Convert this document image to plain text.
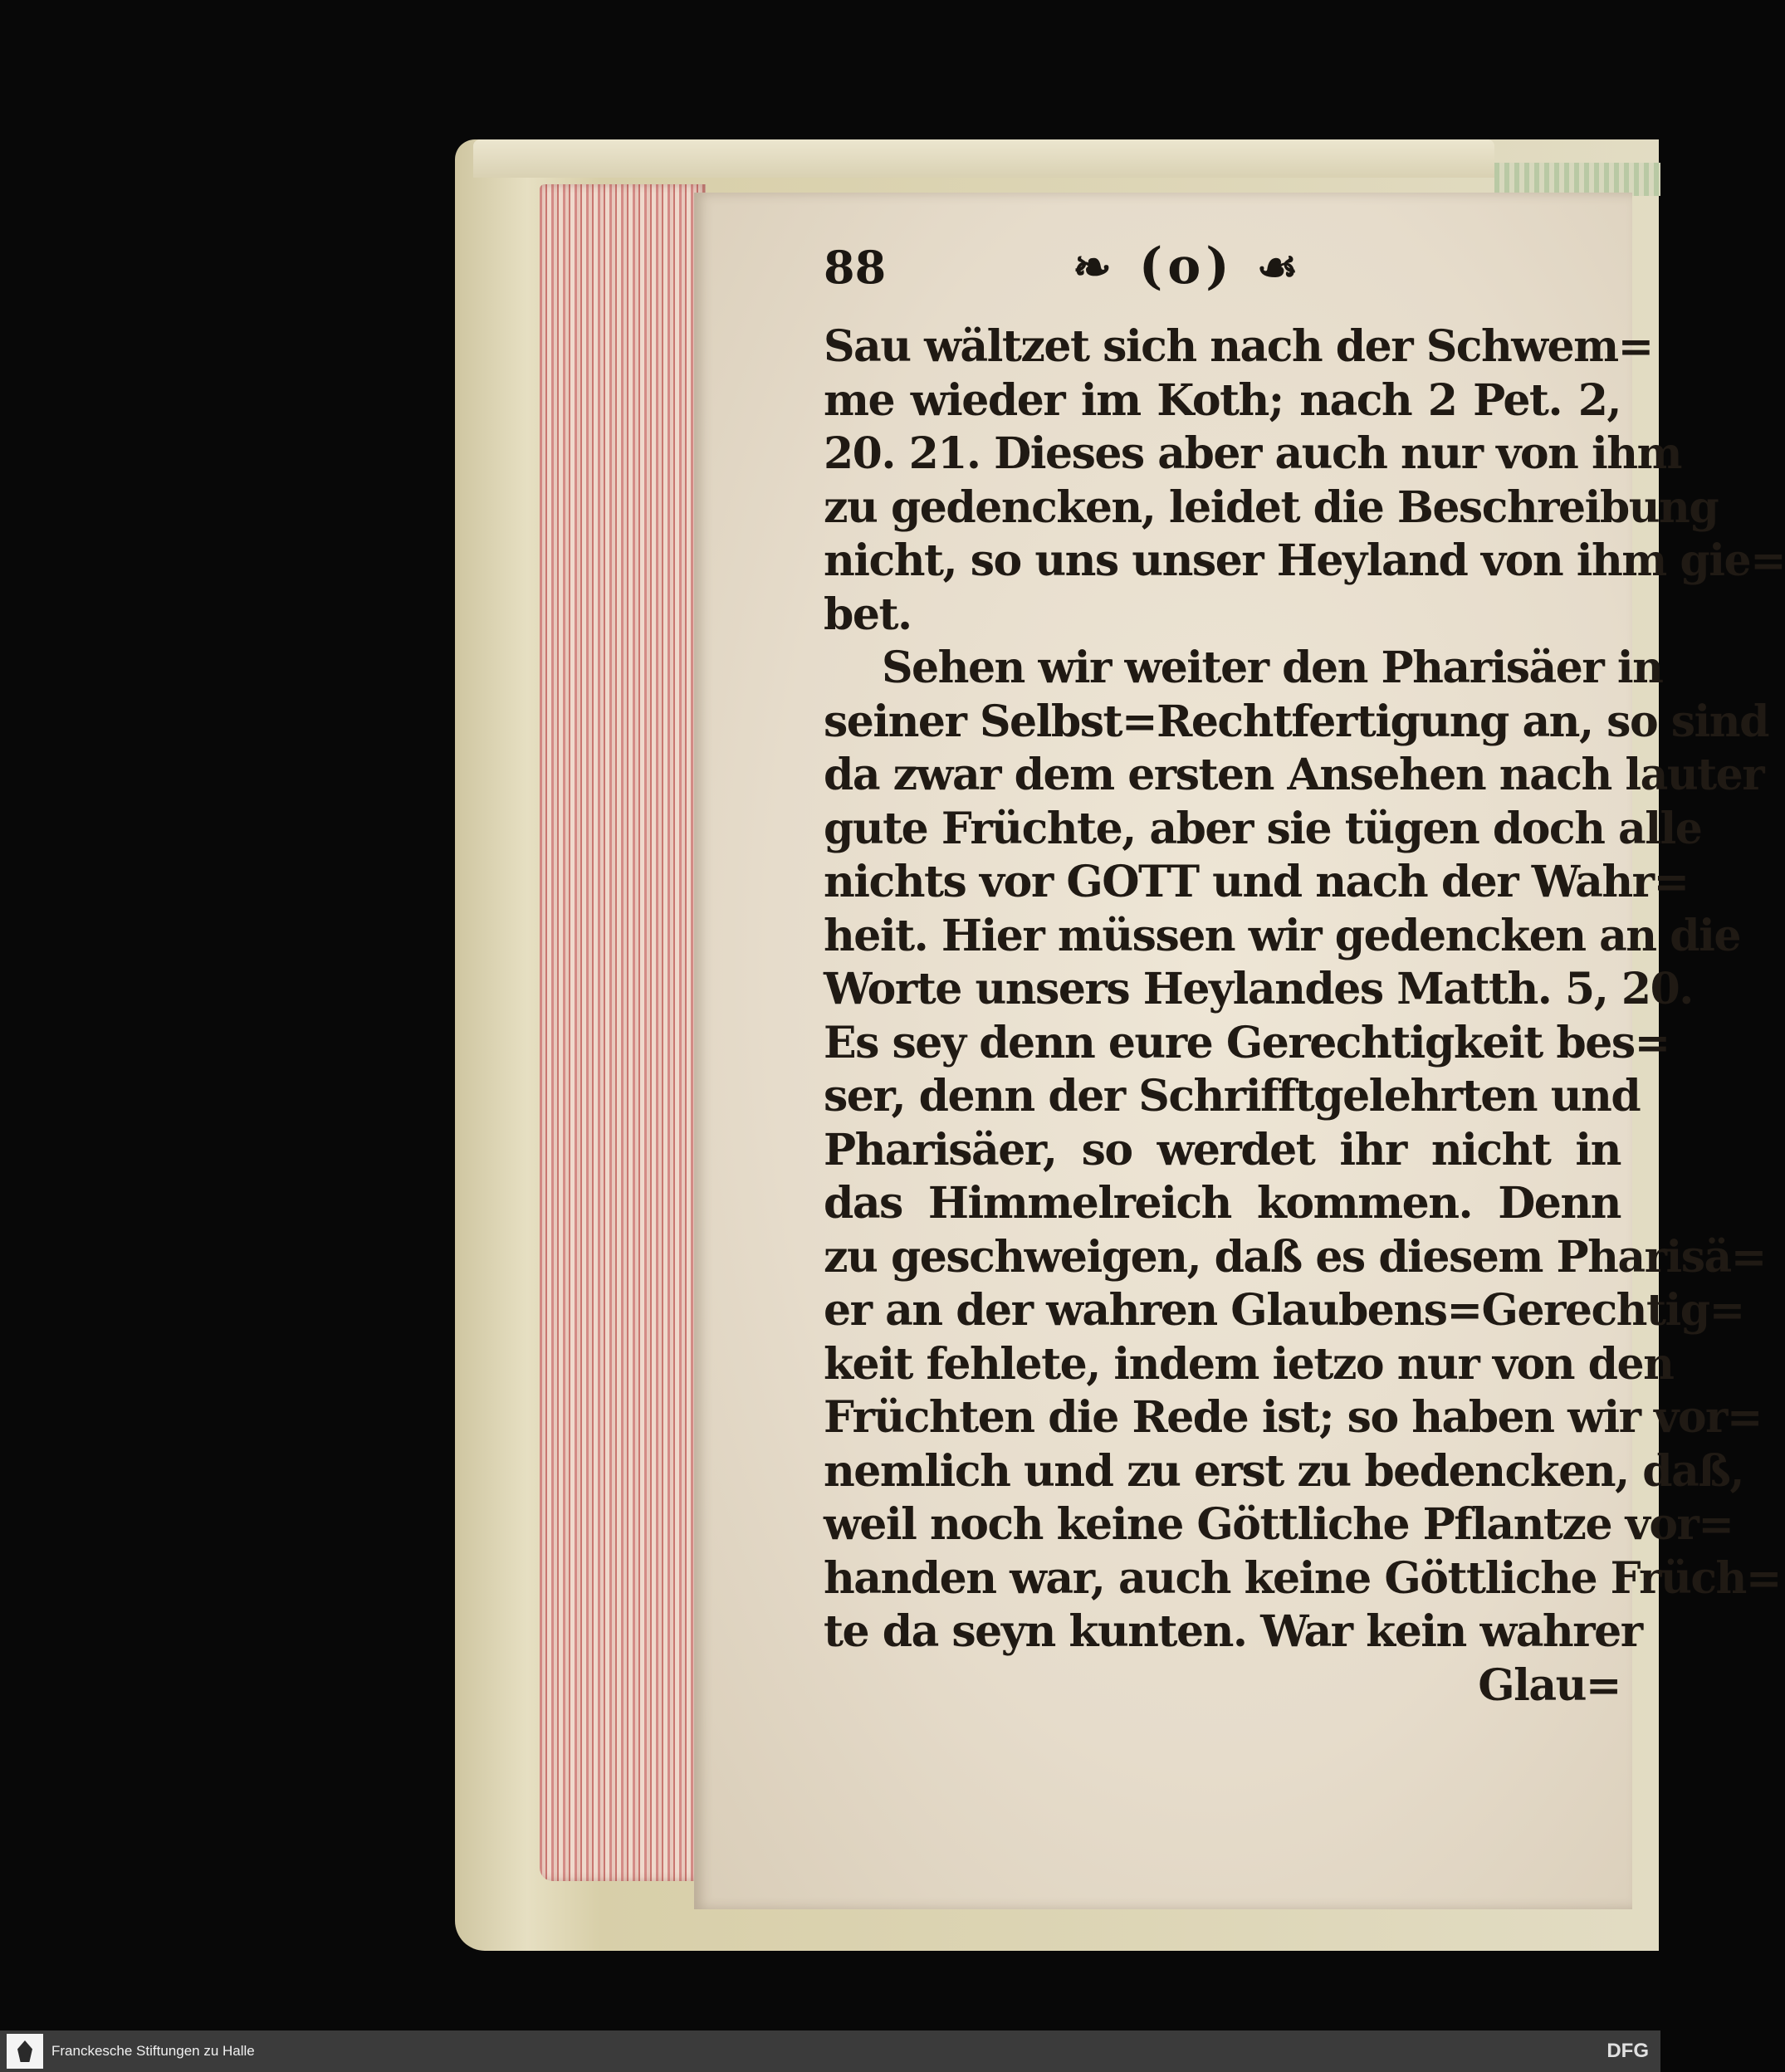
88	❧ (o) ☙
Sau wältzet sich nach der Schwem=
me wieder im Koth; nach 2 Pet. 2,
20. 21. Dieses aber auch nur von ihm
zu gedencken, leidet die Beschreibung
nicht, so uns unser Heyland von ihm gie=
bet.
Sehen wir weiter den Pharisäer in
seiner Selbst=Rechtfertigung an, so sind
da zwar dem ersten Ansehen nach lauter
gute Früchte, aber sie tügen doch alle
nichts vor GOTT und nach der Wahr=
heit. Hier müssen wir gedencken an die
Worte unsers Heylandes Matth. 5, 20.
Es sey denn eure Gerechtigkeit bes=
ser, denn der Schrifftgelehrten und
Pharisäer, so werdet ihr nicht in
das Himmelreich kommen. Denn
zu geschweigen, daß es diesem Pharisä=
er an der wahren Glaubens=Gerechtig=
keit fehlete, indem ietzo nur von den
Früchten die Rede ist; so haben wir vor=
nemlich und zu erst zu bedencken, daß,
weil noch keine Göttliche Pflantze vor=
handen war, auch keine Göttliche Früch=
te da seyn kunten. War kein wahrer
Glau=
Franckesche Stiftungen zu Halle	DFG
